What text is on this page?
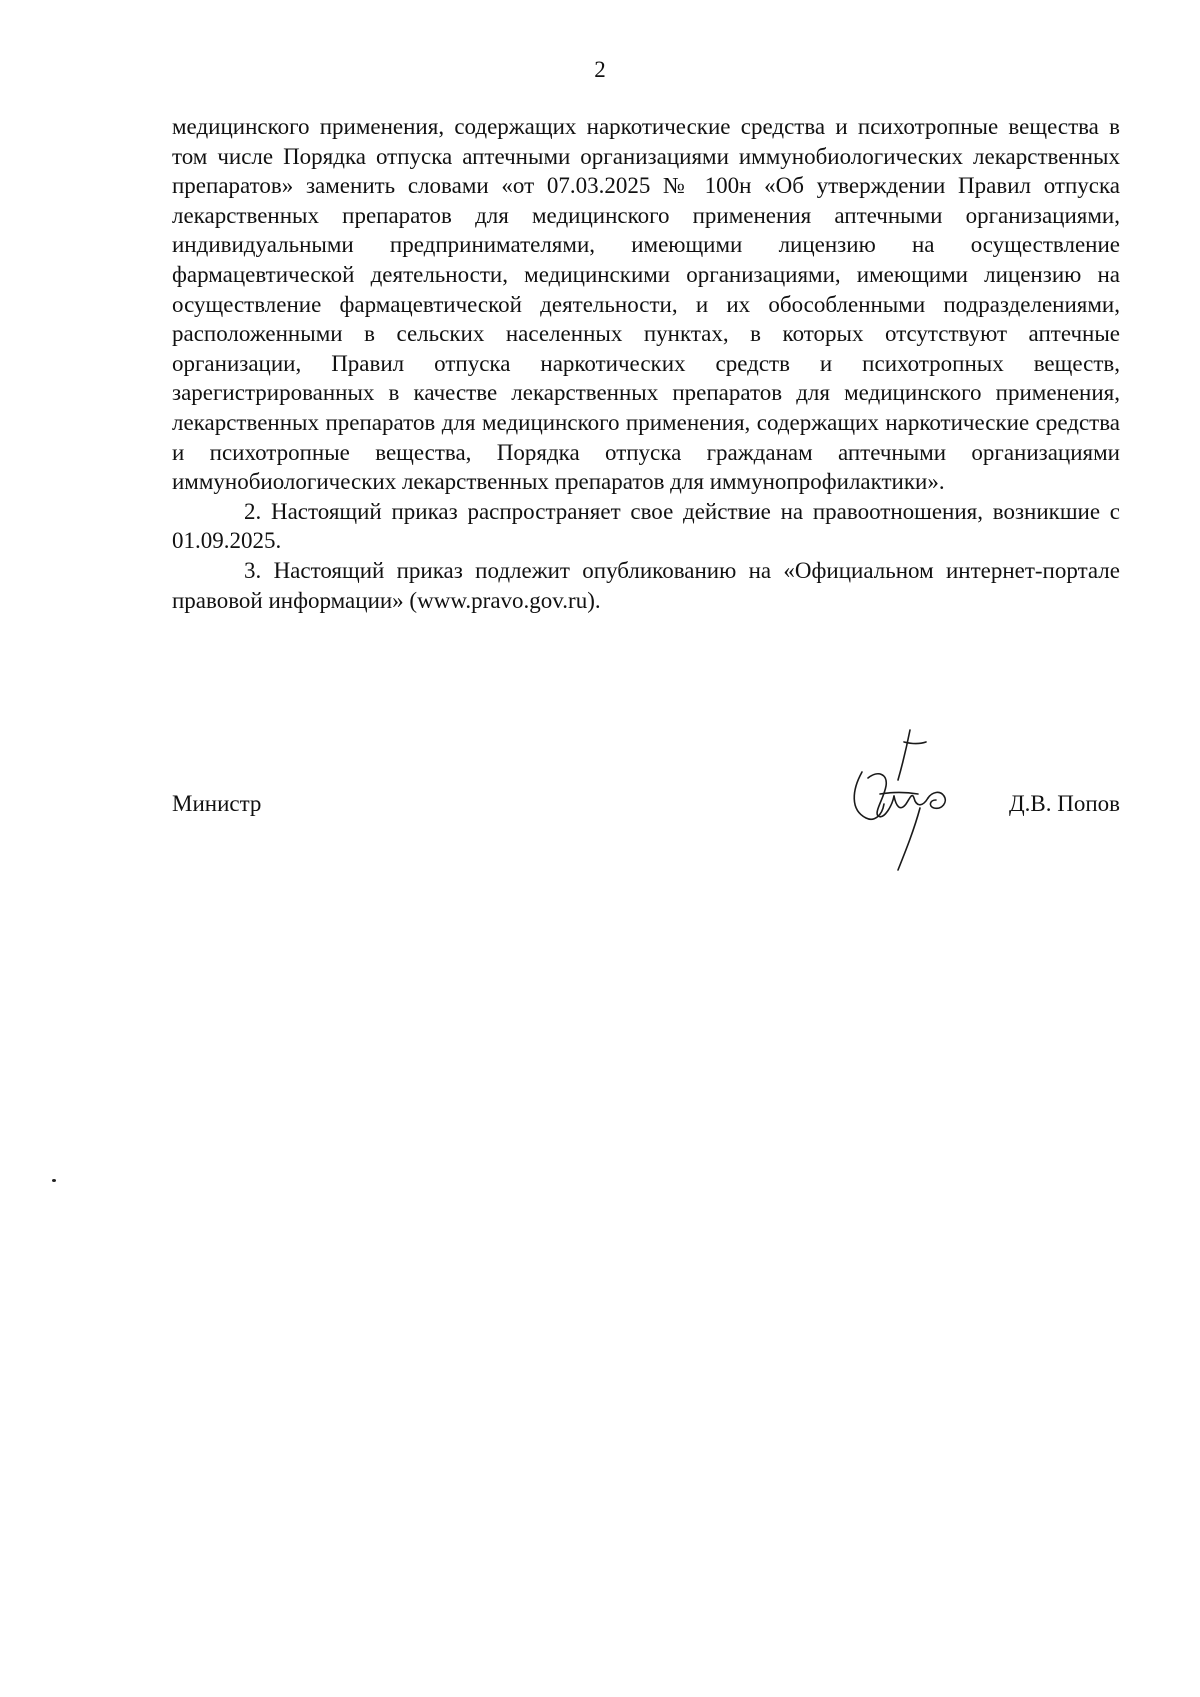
2

медицинского применения, содержащих наркотические средства и психотропные вещества в том числе Порядка отпуска аптечными организациями иммунобиологических лекарственных препаратов» заменить словами «от 07.03.2025 № 100н «Об утверждении Правил отпуска лекарственных препаратов для медицинского применения аптечными организациями, индивидуальными предпринимателями, имеющими лицензию на осуществление фармацевтической деятельности, медицинскими организациями, имеющими лицензию на осуществление фармацевтической деятельности, и их обособленными подразделениями, расположенными в сельских населенных пунктах, в которых отсутствуют аптечные организации, Правил отпуска наркотических средств и психотропных веществ, зарегистрированных в качестве лекарственных препаратов для медицинского применения, лекарственных препаратов для медицинского применения, содержащих наркотические средства и психотропные вещества, Порядка отпуска гражданам аптечными организациями иммунобиологических лекарственных препаратов для иммунопрофилактики».

2. Настоящий приказ распространяет свое действие на правоотношения, возникшие с 01.09.2025.

3. Настоящий приказ подлежит опубликованию на «Официальном интернет-портале правовой информации» (www.pravo.gov.ru).

Министр	Д.В. Попов
